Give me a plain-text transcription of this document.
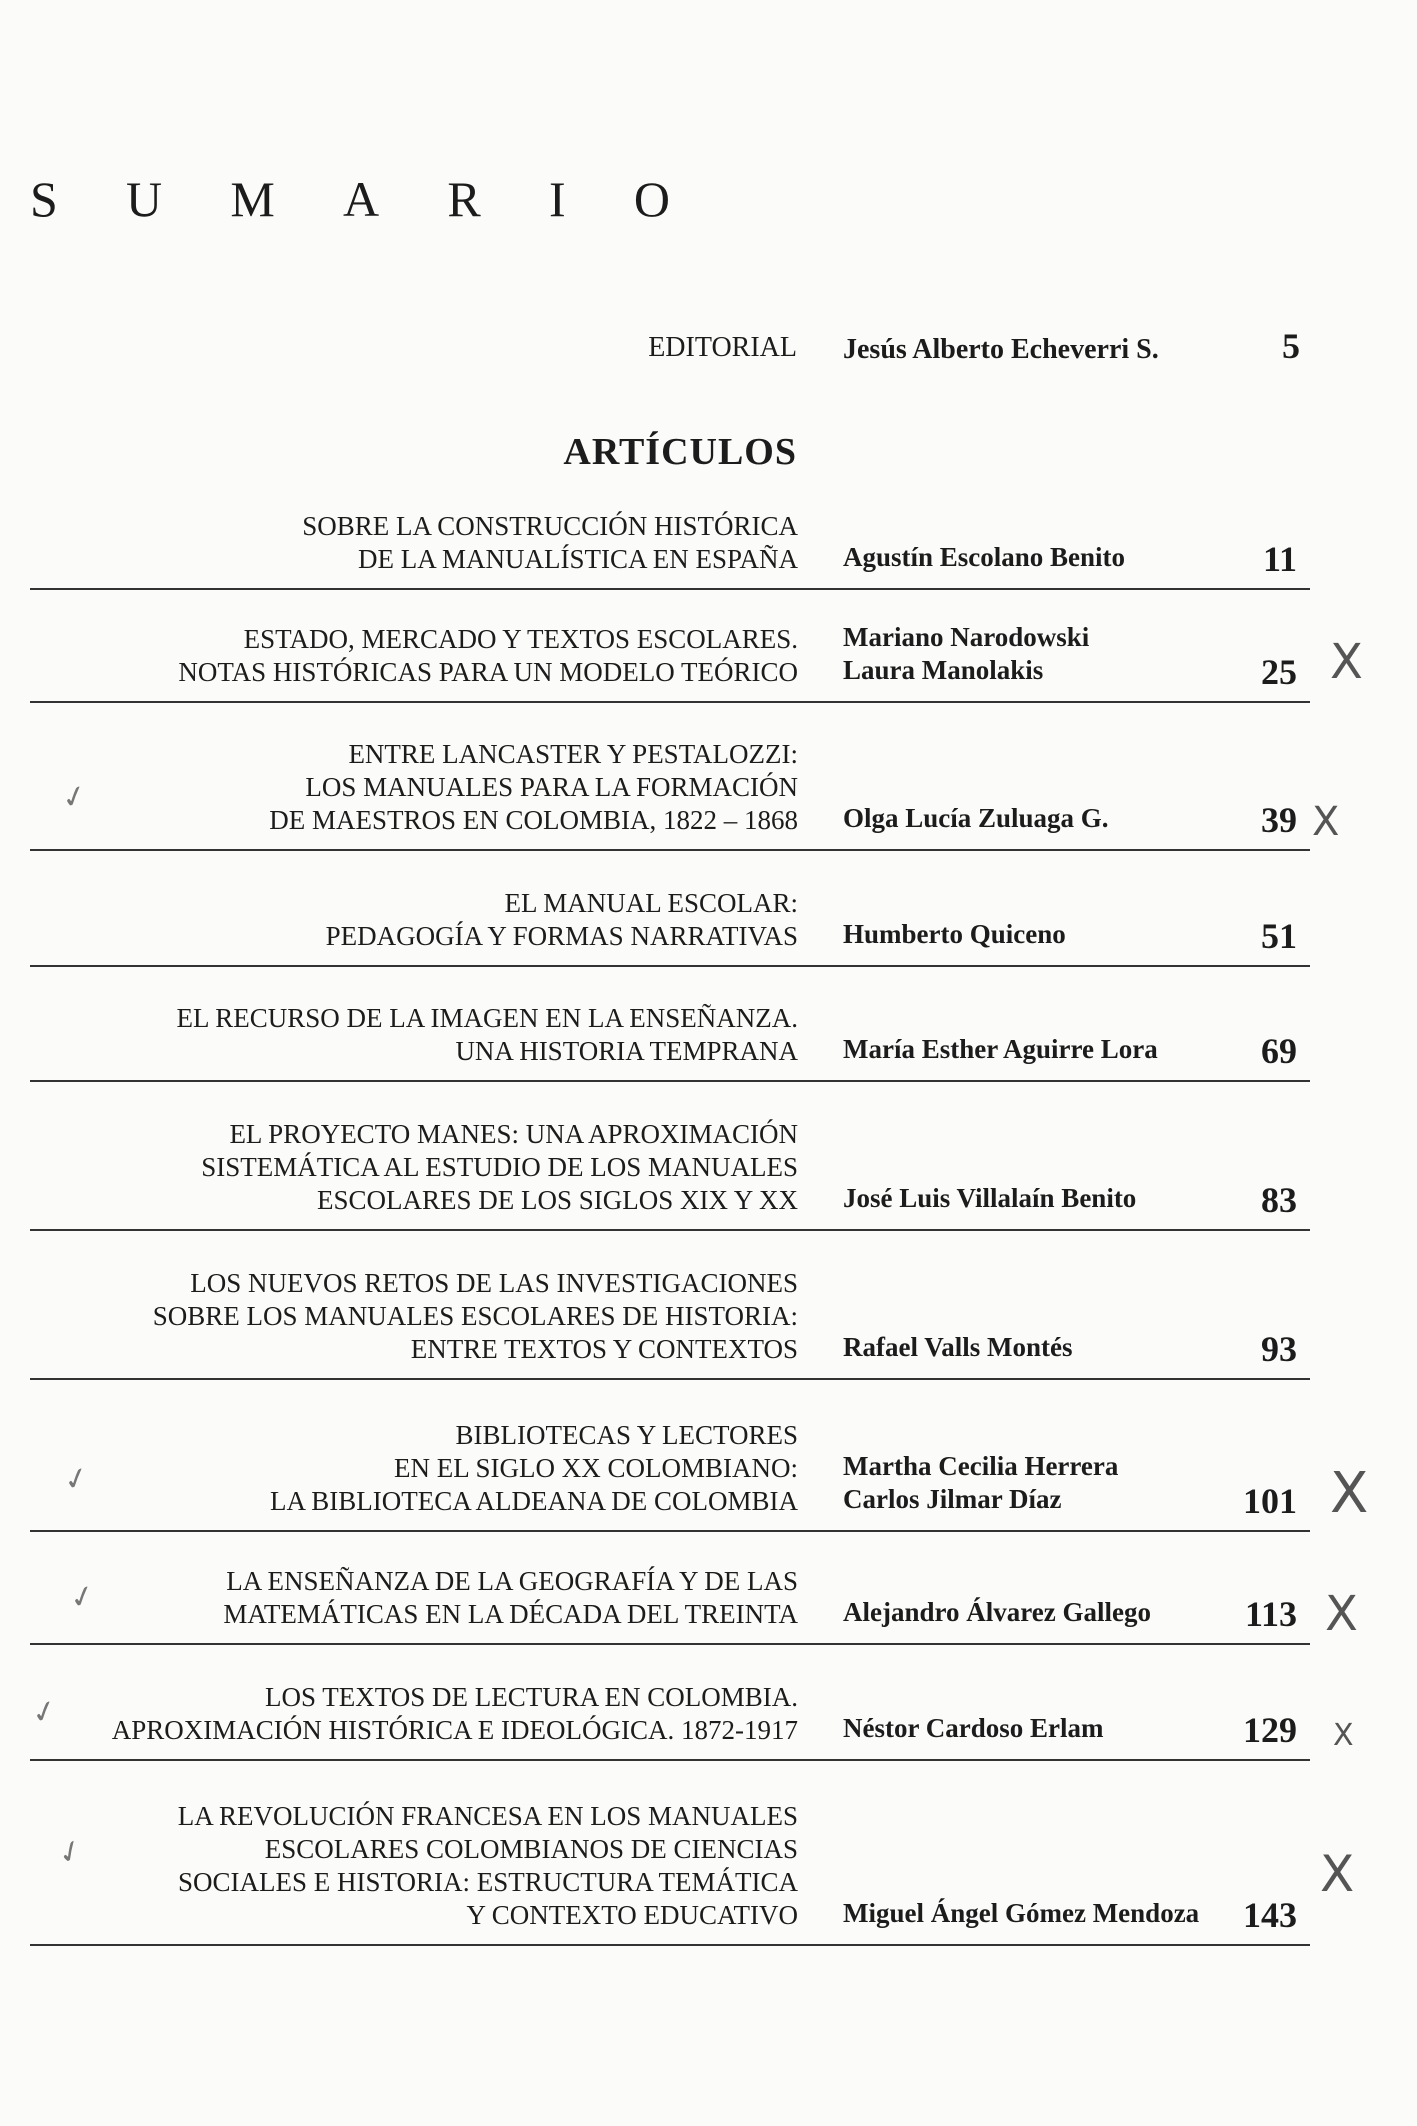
S U M A R I O
EDITORIAL Jesús Alberto Echeverri S.	5
ARTÍCULOS
SOBRE LA CONSTRUCCIÓN HISTÓRICA
DE LA MANUALÍSTICA EN ESPAÑA Agustín Escolano Benito	11
ESTADO, MERCADO Y TEXTOS ESCOLARES.
NOTAS HISTÓRICAS PARA UN MODELO TEÓRICO
Mariano Narodowski
Laura Manolakis	25
ENTRE LANCASTER Y PESTALOZZI:
LOS MANUALES PARA LA FORMACIÓN
DE MAESTROS EN COLOMBIA, 1822 – 1868 Olga Lucía Zuluaga G.	39
EL MANUAL ESCOLAR:
PEDAGOGÍA Y FORMAS NARRATIVAS Humberto Quiceno	51
EL RECURSO DE LA IMAGEN EN LA ENSEÑANZA.
UNA HISTORIA TEMPRANA María Esther Aguirre Lora	69
EL PROYECTO MANES: UNA APROXIMACIÓN
SISTEMÁTICA AL ESTUDIO DE LOS MANUALES
ESCOLARES DE LOS SIGLOS XIX Y XX José Luis Villalaín Benito	83
LOS NUEVOS RETOS DE LAS INVESTIGACIONES
SOBRE LOS MANUALES ESCOLARES DE HISTORIA:
ENTRE TEXTOS Y CONTEXTOS Rafael Valls Montés	93
BIBLIOTECAS Y LECTORES
EN EL SIGLO XX COLOMBIANO:
LA BIBLIOTECA ALDEANA DE COLOMBIA
Martha Cecilia Herrera
Carlos Jilmar Díaz	101
LA ENSEÑANZA DE LA GEOGRAFÍA Y DE LAS
MATEMÁTICAS EN LA DÉCADA DEL TREINTA Alejandro Álvarez Gallego	113
LOS TEXTOS DE LECTURA EN COLOMBIA.
APROXIMACIÓN HISTÓRICA E IDEOLÓGICA. 1872-1917 Néstor Cardoso Erlam	129
LA REVOLUCIÓN FRANCESA EN LOS MANUALES
ESCOLARES COLOMBIANOS DE CIENCIAS
SOCIALES E HISTORIA: ESTRUCTURA TEMÁTICA
Y CONTEXTO EDUCATIVO Miguel Ángel Gómez Mendoza 143
X
X
X
X
X
X
✓
✓
✓
✓
✓
